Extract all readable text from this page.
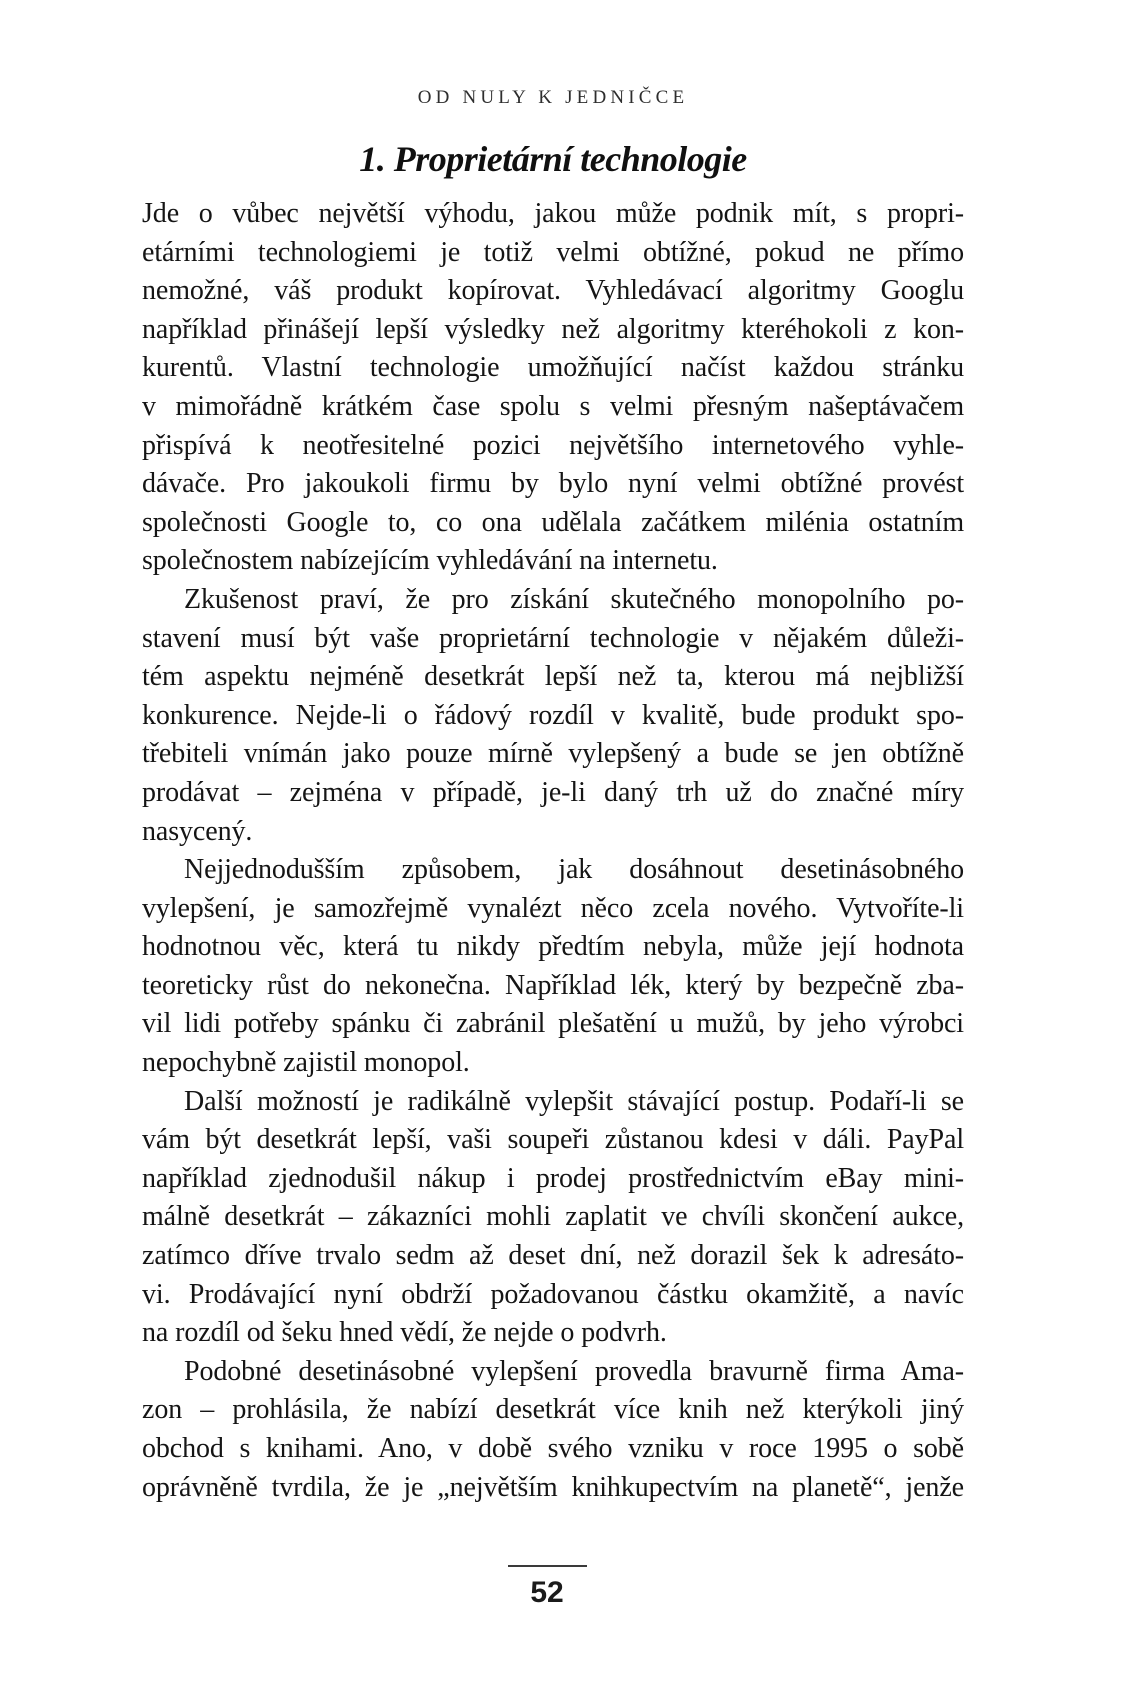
OD NULY K JEDNIČCE
1. Proprietární technologie
Jde o vůbec největší výhodu, jakou může podnik mít, s propri-
etárními technologiemi je totiž velmi obtížné, pokud ne přímo
nemožné, váš produkt kopírovat. Vyhledávací algoritmy Googlu
například přinášejí lepší výsledky než algoritmy kteréhokoli z kon-
kurentů. Vlastní technologie umožňující načíst každou stránku
v mimořádně krátkém čase spolu s velmi přesným našeptávačem
přispívá k neotřesitelné pozici největšího internetového vyhle-
dávače. Pro jakoukoli firmu by bylo nyní velmi obtížné provést
společnosti Google to, co ona udělala začátkem milénia ostatním
společnostem nabízejícím vyhledávání na internetu.
Zkušenost praví, že pro získání skutečného monopolního po-
stavení musí být vaše proprietární technologie v nějakém důleži-
tém aspektu nejméně desetkrát lepší než ta, kterou má nejbližší
konkurence. Nejde-li o řádový rozdíl v kvalitě, bude produkt spo-
třebiteli vnímán jako pouze mírně vylepšený a bude se jen obtížně
prodávat – zejména v případě, je-li daný trh už do značné míry
nasycený.
Nejjednodušším způsobem, jak dosáhnout desetinásobného
vylepšení, je samozřejmě vynalézt něco zcela nového. Vytvoříte-li
hodnotnou věc, která tu nikdy předtím nebyla, může její hodnota
teoreticky růst do nekonečna. Například lék, který by bezpečně zba-
vil lidi potřeby spánku či zabránil plešatění u mužů, by jeho výrobci
nepochybně zajistil monopol.
Další možností je radikálně vylepšit stávající postup. Podaří-li se
vám být desetkrát lepší, vaši soupeři zůstanou kdesi v dáli. PayPal
například zjednodušil nákup i prodej prostřednictvím eBay mini-
málně desetkrát – zákazníci mohli zaplatit ve chvíli skončení aukce,
zatímco dříve trvalo sedm až deset dní, než dorazil šek k adresáto-
vi. Prodávající nyní obdrží požadovanou částku okamžitě, a navíc
na rozdíl od šeku hned vědí, že nejde o podvrh.
Podobné desetinásobné vylepšení provedla bravurně firma Ama-
zon – prohlásila, že nabízí desetkrát více knih než kterýkoli jiný
obchod s knihami. Ano, v době svého vzniku v roce 1995 o sobě
oprávněně tvrdila, že je „největším knihkupectvím na planetě“, jenže
52
